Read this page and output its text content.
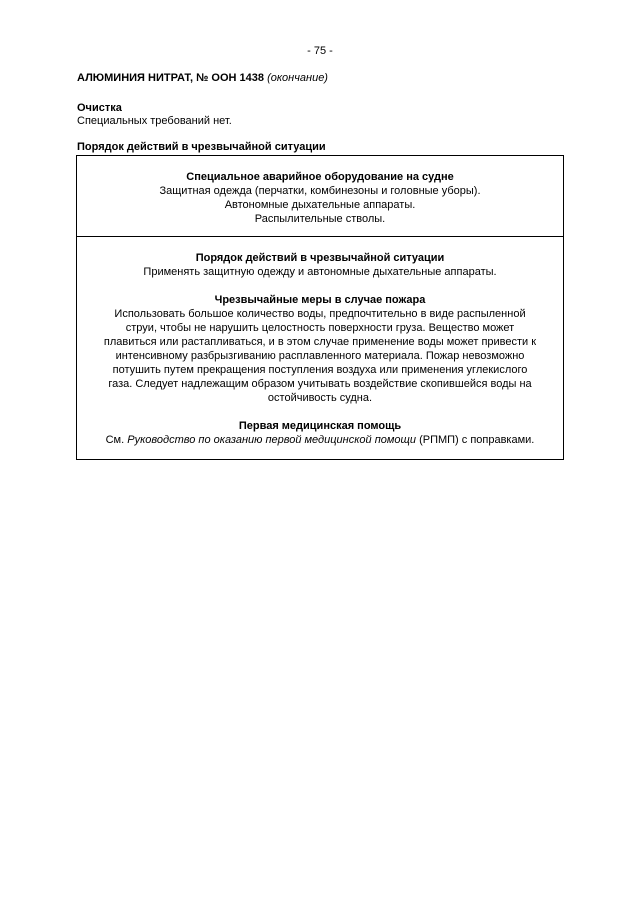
- 75 -
АЛЮМИНИЯ НИТРАТ, № ООН 1438 (окончание)
Очистка
Специальных требований нет.
Порядок действий в чрезвычайной ситуации
Специальное аварийное оборудование на судне
Защитная одежда (перчатки, комбинезоны и головные уборы).
Автономные дыхательные аппараты.
Распылительные стволы.
Порядок действий в чрезвычайной ситуации
Применять защитную одежду и автономные дыхательные аппараты.
Чрезвычайные меры в случае пожара
Использовать большое количество воды, предпочтительно в виде распыленной
струи, чтобы не нарушить целостность поверхности груза. Вещество может
плавиться или растапливаться, и в этом случае применение воды может привести к
интенсивному разбрызгиванию расплавленного материала. Пожар невозможно
потушить путем прекращения поступления воздуха или применения углекислого
газа. Следует надлежащим образом учитывать воздействие скопившейся воды на
остойчивость судна.
Первая медицинская помощь
См. Руководство по оказанию первой медицинской помощи (РПМП) с поправками.
